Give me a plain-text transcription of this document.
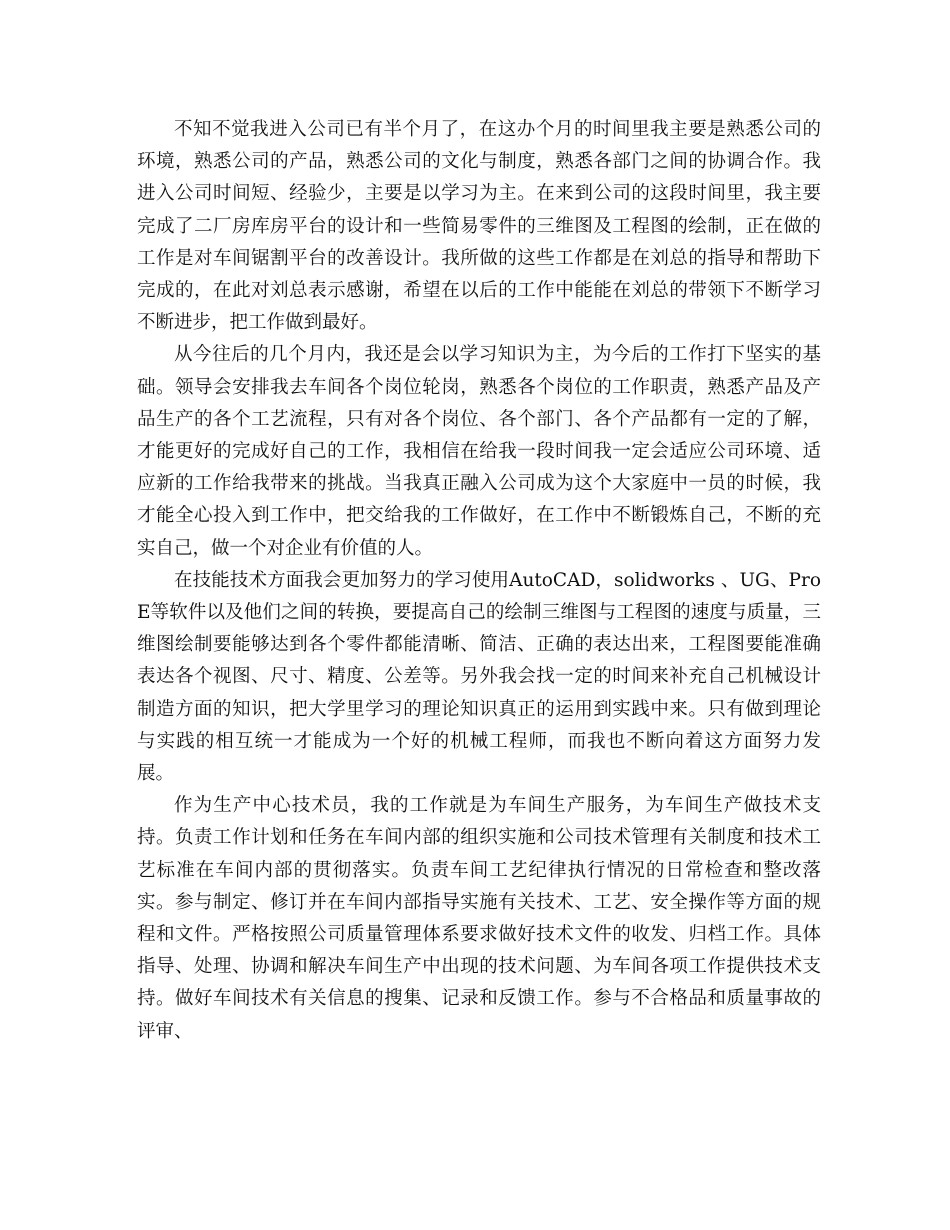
不知不觉我进入公司已有半个月了，在这办个月的时间里我主要是熟悉公司的环境，熟悉公司的产品，熟悉公司的文化与制度，熟悉各部门之间的协调合作。我进入公司时间短、经验少，主要是以学习为主。在来到公司的这段时间里，我主要完成了二厂房库房平台的设计和一些简易零件的三维图及工程图的绘制，正在做的工作是对车间锯割平台的改善设计。我所做的这些工作都是在刘总的指导和帮助下完成的，在此对刘总表示感谢，希望在以后的工作中能能在刘总的带领下不断学习不断进步，把工作做到最好。

从今往后的几个月内，我还是会以学习知识为主，为今后的工作打下坚实的基础。领导会安排我去车间各个岗位轮岗，熟悉各个岗位的工作职责，熟悉产品及产品生产的各个工艺流程，只有对各个岗位、各个部门、各个产品都有一定的了解，才能更好的完成好自己的工作，我相信在给我一段时间我一定会适应公司环境、适应新的工作给我带来的挑战。当我真正融入公司成为这个大家庭中一员的时候，我才能全心投入到工作中，把交给我的工作做好，在工作中不断锻炼自己，不断的充实自己，做一个对企业有价值的人。

在技能技术方面我会更加努力的学习使用AutoCAD，solidworks 、UG、ProE等软件以及他们之间的转换，要提高自己的绘制三维图与工程图的速度与质量，三维图绘制要能够达到各个零件都能清晰、简洁、正确的表达出来，工程图要能准确表达各个视图、尺寸、精度、公差等。另外我会找一定的时间来补充自己机械设计制造方面的知识，把大学里学习的理论知识真正的运用到实践中来。只有做到理论与实践的相互统一才能成为一个好的机械工程师，而我也不断向着这方面努力发展。

作为生产中心技术员，我的工作就是为车间生产服务，为车间生产做技术支持。负责工作计划和任务在车间内部的组织实施和公司技术管理有关制度和技术工艺标准在车间内部的贯彻落实。负责车间工艺纪律执行情况的日常检查和整改落实。参与制定、修订并在车间内部指导实施有关技术、工艺、安全操作等方面的规程和文件。严格按照公司质量管理体系要求做好技术文件的收发、归档工作。具体指导、处理、协调和解决车间生产中出现的技术问题、为车间各项工作提供技术支持。做好车间技术有关信息的搜集、记录和反馈工作。参与不合格品和质量事故的评审、
